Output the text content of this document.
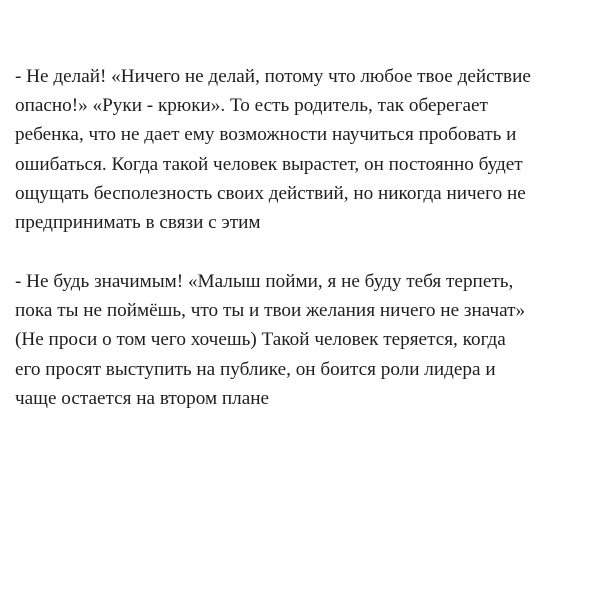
- Не делай! «Ничего не делай, потому что любое твое действие
опасно!» «Руки - крюки». То есть родитель, так оберегает
ребенка, что не дает ему возможности научиться пробовать и
ошибаться. Когда такой человек вырастет, он постоянно будет
ощущать бесполезность своих действий, но никогда ничего не
предпринимать в связи с этим
- Не будь значимым! «Малыш пойми, я не буду тебя терпеть,
пока ты не поймёшь, что ты и твои желания ничего не значат»
(Не проси о том чего хочешь) Такой человек теряется, когда
его просят выступить на публике, он боится роли лидера и
чаще остается на втором плане
